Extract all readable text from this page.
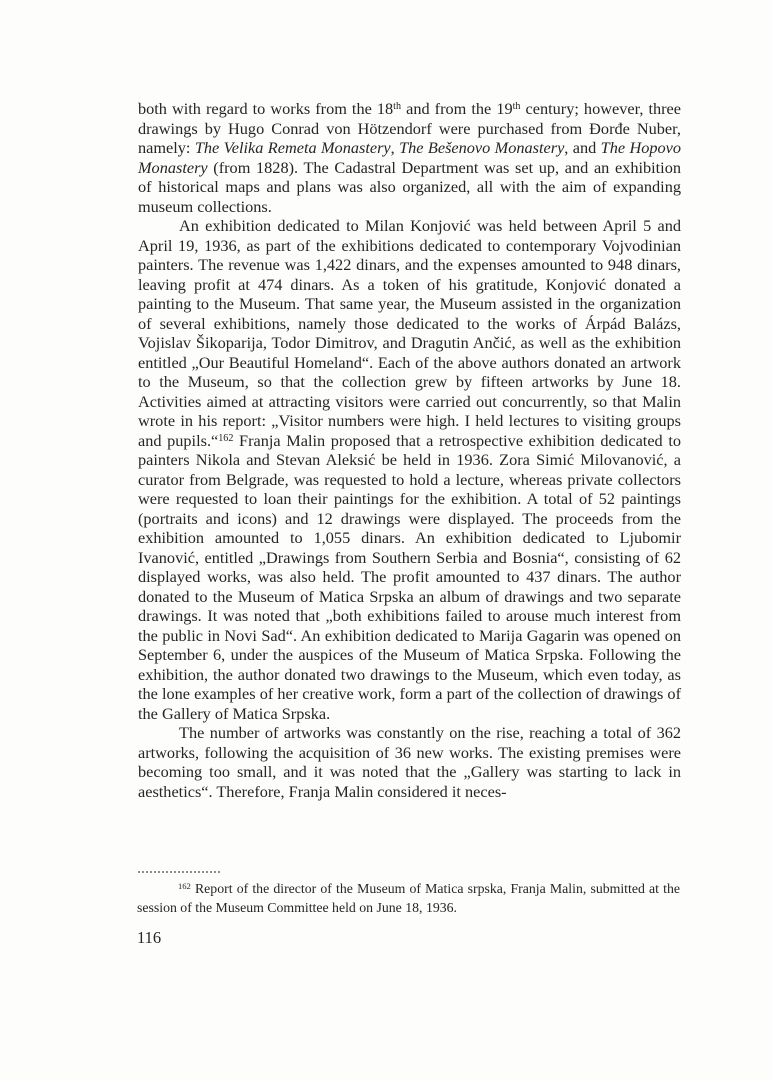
both with regard to works from the 18th and from the 19th century; however, three drawings by Hugo Conrad von Hötzendorf were purchased from Đorđe Nuber, namely: The Velika Remeta Monastery, The Bešenovo Monastery, and The Hopovo Monastery (from 1828). The Cadastral Department was set up, and an exhibition of historical maps and plans was also organized, all with the aim of expanding museum collections.

An exhibition dedicated to Milan Konjović was held between April 5 and April 19, 1936, as part of the exhibitions dedicated to contemporary Vojvodinian painters. The revenue was 1,422 dinars, and the expenses amounted to 948 dinars, leaving profit at 474 dinars. As a token of his gratitude, Konjović donated a painting to the Museum. That same year, the Museum assisted in the organization of several exhibitions, namely those dedicated to the works of Árpád Balázs, Vojislav Šikoparija, Todor Dimitrov, and Dragutin Ančić, as well as the exhibition entitled „Our Beautiful Homeland“. Each of the above authors donated an artwork to the Museum, so that the collection grew by fifteen artworks by June 18. Activities aimed at attracting visitors were carried out concurrently, so that Malin wrote in his report: „Visitor numbers were high. I held lectures to visiting groups and pupils.“$^{162}$ Franja Malin proposed that a retrospective exhibition dedicated to painters Nikola and Stevan Aleksić be held in 1936. Zora Simić Milovanović, a curator from Belgrade, was requested to hold a lecture, whereas private collectors were requested to loan their paintings for the exhibition. A total of 52 paintings (portraits and icons) and 12 drawings were displayed. The proceeds from the exhibition amounted to 1,055 dinars. An exhibition dedicated to Ljubomir Ivanović, entitled „Drawings from Southern Serbia and Bosnia“, consisting of 62 displayed works, was also held. The profit amounted to 437 dinars. The author donated to the Museum of Matica Srpska an album of drawings and two separate drawings. It was noted that „both exhibitions failed to arouse much interest from the public in Novi Sad“. An exhibition dedicated to Marija Gagarin was opened on September 6, under the auspices of the Museum of Matica Srpska. Following the exhibition, the author donated two drawings to the Museum, which even today, as the lone examples of her creative work, form a part of the collection of drawings of the Gallery of Matica Srpska.

The number of artworks was constantly on the rise, reaching a total of 362 artworks, following the acquisition of 36 new works. The existing premises were becoming too small, and it was noted that the „Gallery was starting to lack in aesthetics“. Therefore, Franja Malin considered it neces-

$^{162}$ Report of the director of the Museum of Matica srpska, Franja Malin, submitted at the session of the Museum Committee held on June 18, 1936.

116
